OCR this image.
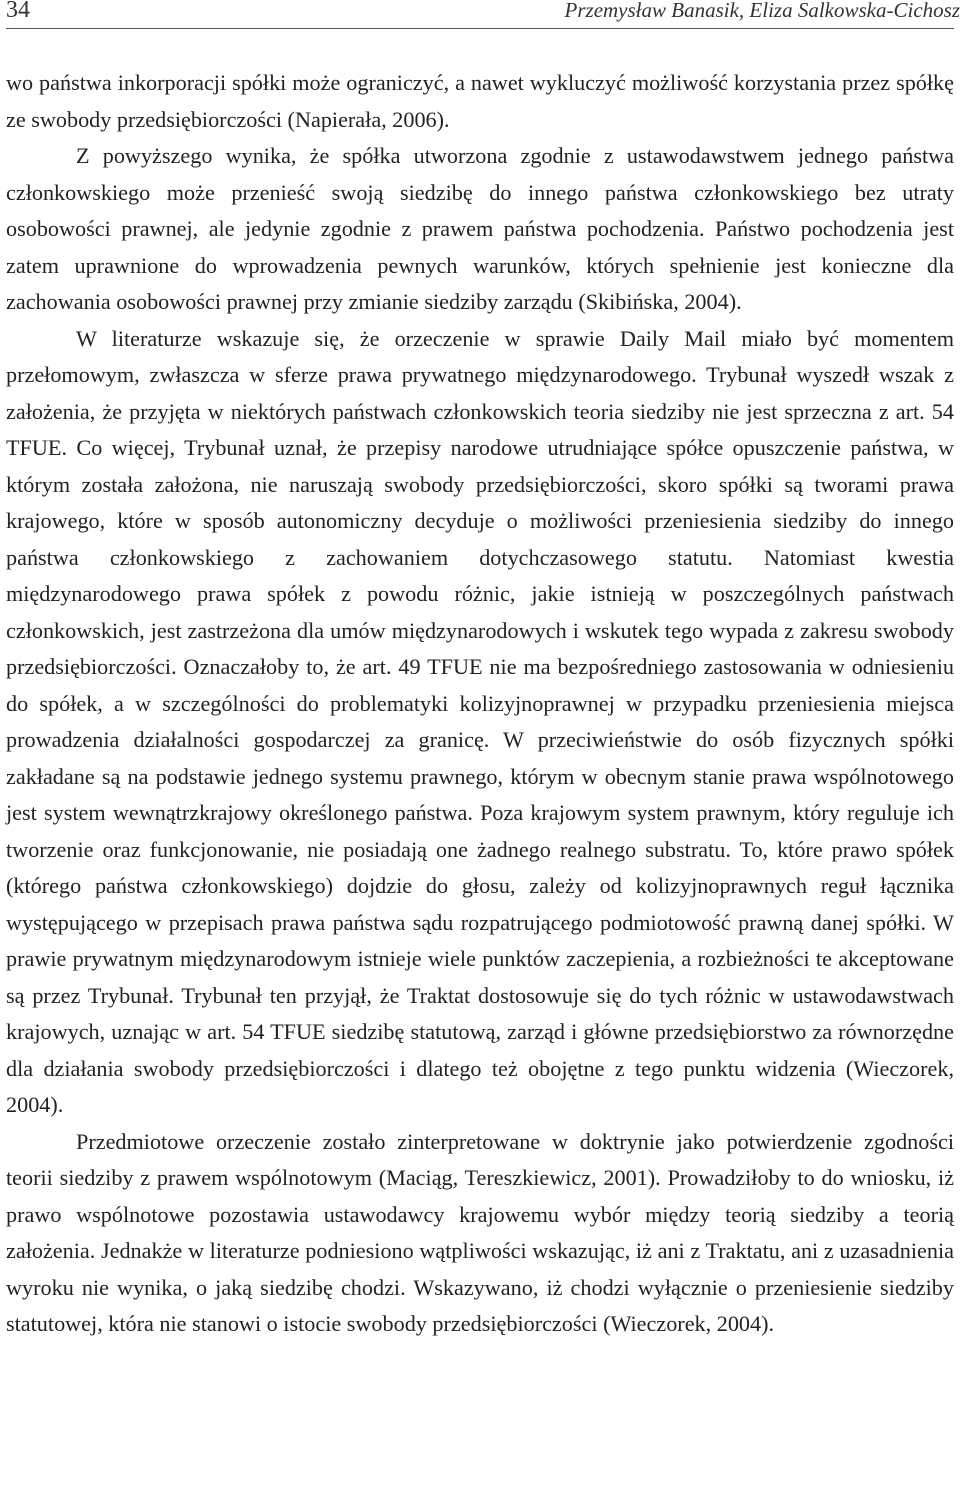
34	Przemysław Banasik, Eliza Salkowska-Cichosz

wo państwa inkorporacji spółki może ograniczyć, a nawet wykluczyć możliwość korzystania przez spółkę ze swobody przedsiębiorczości (Napierała, 2006).

Z powyższego wynika, że spółka utworzona zgodnie z ustawodawstwem jednego państwa członkowskiego może przenieść swoją siedzibę do innego państwa członkowskiego bez utraty osobowości prawnej, ale jedynie zgodnie z prawem państwa pochodzenia. Państwo pochodzenia jest zatem uprawnione do wprowadzenia pewnych warunków, których spełnienie jest konieczne dla zachowania osobowości prawnej przy zmianie siedziby zarządu (Skibińska, 2004).

W literaturze wskazuje się, że orzeczenie w sprawie Daily Mail miało być momentem przełomowym, zwłaszcza w sferze prawa prywatnego międzynarodowego. Trybunał wyszedł wszak z założenia, że przyjęta w niektórych państwach członkowskich teoria siedziby nie jest sprzeczna z art. 54 TFUE. Co więcej, Trybunał uznał, że przepisy narodowe utrudniające spółce opuszczenie państwa, w którym została założona, nie naruszają swobody przedsiębiorczości, skoro spółki są tworami prawa krajowego, które w sposób autonomiczny decyduje o możliwości przeniesienia siedziby do innego państwa członkowskiego z zachowaniem dotychczasowego statutu. Natomiast kwestia międzynarodowego prawa spółek z powodu różnic, jakie istnieją w poszczególnych państwach członkowskich, jest zastrzeżona dla umów międzynarodowych i wskutek tego wypada z zakresu swobody przedsiębiorczości. Oznaczałoby to, że art. 49 TFUE nie ma bezpośredniego zastosowania w odniesieniu do spółek, a w szczególności do problematyki kolizyjnoprawnej w przypadku przeniesienia miejsca prowadzenia działalności gospodarczej za granicę. W przeciwieństwie do osób fizycznych spółki zakładane są na podstawie jednego systemu prawnego, którym w obecnym stanie prawa wspólnotowego jest system wewnątrzkrajowy określonego państwa. Poza krajowym system prawnym, który reguluje ich tworzenie oraz funkcjonowanie, nie posiadają one żadnego realnego substratu. To, które prawo spółek (którego państwa członkowskiego) dojdzie do głosu, zależy od kolizyjnoprawnych reguł łącznika występującego w przepisach prawa państwa sądu rozpatrującego podmiotowość prawną danej spółki. W prawie prywatnym międzynarodowym istnieje wiele punktów zaczepienia, a rozbieżności te akceptowane są przez Trybunał. Trybunał ten przyjął, że Traktat dostosowuje się do tych różnic w ustawodawstwach krajowych, uznając w art. 54 TFUE siedzibę statutową, zarząd i główne przedsiębiorstwo za równorzędne dla działania swobody przedsiębiorczości i dlatego też obojętne z tego punktu widzenia (Wieczorek, 2004).

Przedmiotowe orzeczenie zostało zinterpretowane w doktrynie jako potwierdzenie zgodności teorii siedziby z prawem wspólnotowym (Maciąg, Tereszkiewicz, 2001). Prowadziłoby to do wniosku, iż prawo wspólnotowe pozostawia ustawodawcy krajowemu wybór między teorią siedziby a teorią założenia. Jednakże w literaturze podniesiono wątpliwości wskazując, iż ani z Traktatu, ani z uzasadnienia wyroku nie wynika, o jaką siedzibę chodzi. Wskazywano, iż chodzi wyłącznie o przeniesienie siedziby statutowej, która nie stanowi o istocie swobody przedsiębiorczości (Wieczorek, 2004).
